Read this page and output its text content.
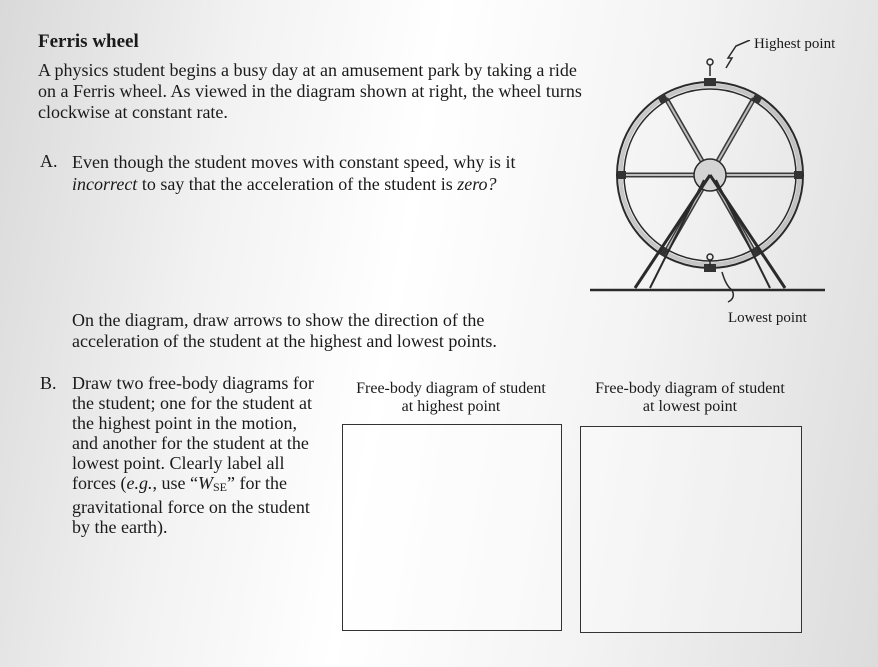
Ferris wheel
A physics student begins a busy day at an amusement park by taking a ride on a Ferris wheel. As viewed in the diagram shown at right, the wheel turns clockwise at constant rate.
A. Even though the student moves with constant speed, why is it incorrect to say that the acceleration of the student is zero?
On the diagram, draw arrows to show the direction of the acceleration of the student at the highest and lowest points.
B. Draw two free-body diagrams for the student; one for the student at the highest point in the motion, and another for the student at the lowest point. Clearly label all forces (e.g., use “$W_{SE}$” for the gravitational force on the student by the earth).
Free-body diagram of student
at highest point
Free-body diagram of student
at lowest point
Highest point
Lowest point
